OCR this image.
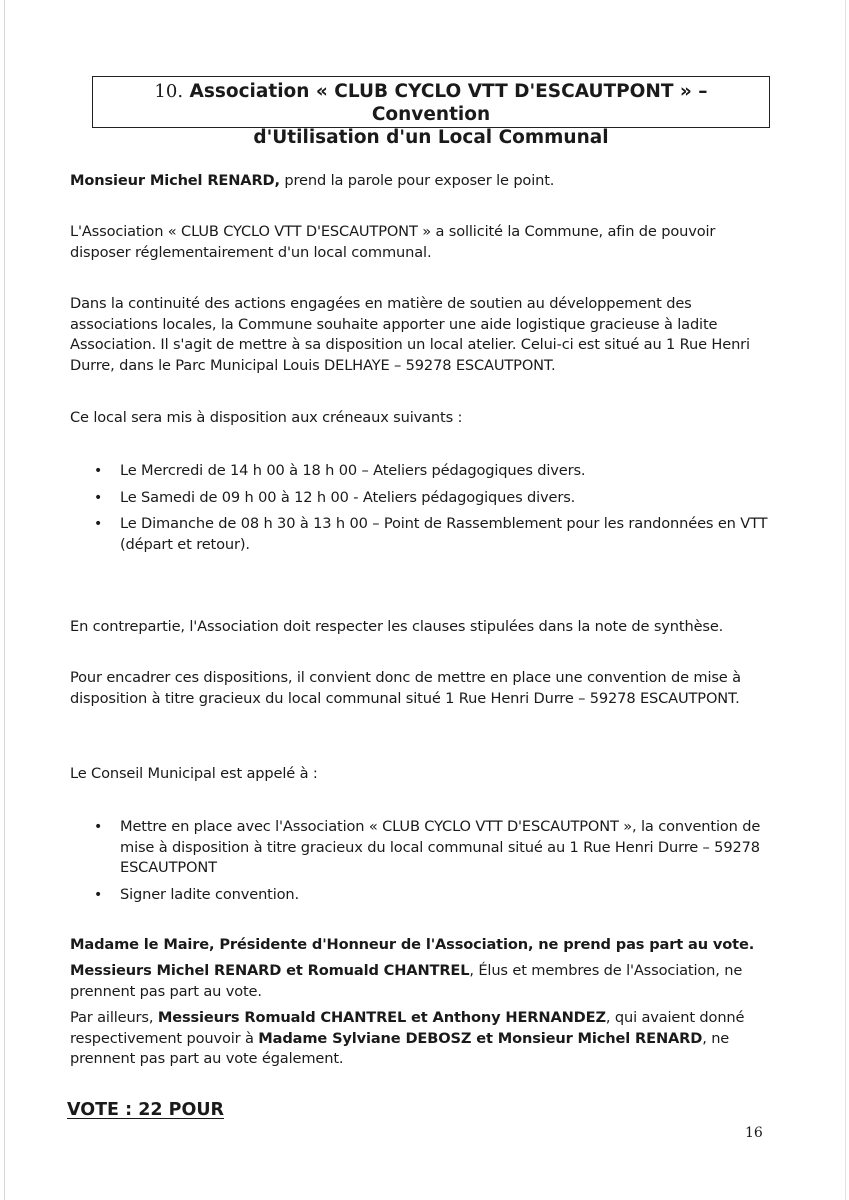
10. Association « CLUB CYCLO VTT D'ESCAUTPONT » – Convention
d'Utilisation d'un Local Communal
Monsieur Michel RENARD, prend la parole pour exposer le point.
L'Association « CLUB CYCLO VTT D'ESCAUTPONT » a sollicité la Commune, afin de pouvoir disposer réglementairement d'un local communal.
Dans la continuité des actions engagées en matière de soutien au développement des associations locales, la Commune souhaite apporter une aide logistique gracieuse à ladite Association. Il s'agit de mettre à sa disposition un local atelier. Celui-ci est situé au 1 Rue Henri Durre, dans le Parc Municipal Louis DELHAYE – 59278 ESCAUTPONT.
Ce local sera mis à disposition aux créneaux suivants :
• Le Mercredi de 14 h 00 à 18 h 00 – Ateliers pédagogiques divers.
• Le Samedi de 09 h 00 à 12 h 00 - Ateliers pédagogiques divers.
• Le Dimanche de 08 h 30 à 13 h 00 – Point de Rassemblement pour les randonnées en VTT (départ et retour).
En contrepartie, l'Association doit respecter les clauses stipulées dans la note de synthèse.
Pour encadrer ces dispositions, il convient donc de mettre en place une convention de mise à disposition à titre gracieux du local communal situé 1 Rue Henri Durre – 59278 ESCAUTPONT.
Le Conseil Municipal est appelé à :
• Mettre en place avec l'Association « CLUB CYCLO VTT D'ESCAUTPONT », la convention de mise à disposition à titre gracieux du local communal situé au 1 Rue Henri Durre – 59278 ESCAUTPONT
• Signer ladite convention.
Madame le Maire, Présidente d'Honneur de l'Association, ne prend pas part au vote.
Messieurs Michel RENARD et Romuald CHANTREL, Élus et membres de l'Association, ne prennent pas part au vote.
Par ailleurs, Messieurs Romuald CHANTREL et Anthony HERNANDEZ, qui avaient donné respectivement pouvoir à Madame Sylviane DEBOSZ et Monsieur Michel RENARD, ne prennent pas part au vote également.
VOTE : 22 POUR
16
